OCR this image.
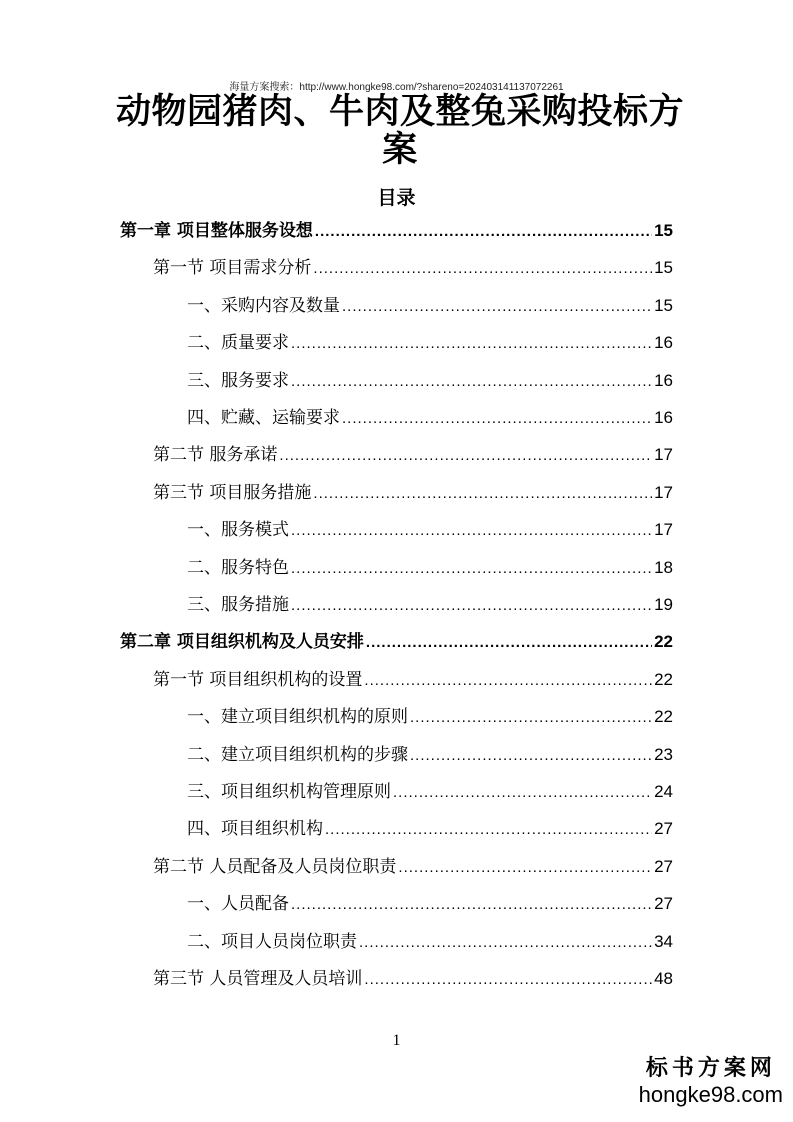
海量方案搜索：http://www.hongke98.com/?shareno=202403141137072261
动物园猪肉、牛肉及整兔采购投标方案
目录
第一章 项目整体服务设想 .....	15
第一节 项目需求分析 .....	15
一、采购内容及数量 .....	15
二、质量要求 .....	16
三、服务要求 .....	16
四、贮藏、运输要求 .....	16
第二节 服务承诺 .....	17
第三节 项目服务措施 .....	17
一、服务模式 .....	17
二、服务特色 .....	18
三、服务措施 .....	19
第二章 项目组织机构及人员安排 .....	22
第一节 项目组织机构的设置 .....	22
一、建立项目组织机构的原则 .....	22
二、建立项目组织机构的步骤 .....	23
三、项目组织机构管理原则 .....	24
四、项目组织机构 .....	27
第二节 人员配备及人员岗位职责 .....	27
一、人员配备 .....	27
二、项目人员岗位职责 .....	34
第三节 人员管理及人员培训 .....	48
1
标书方案网
hongke98.com
